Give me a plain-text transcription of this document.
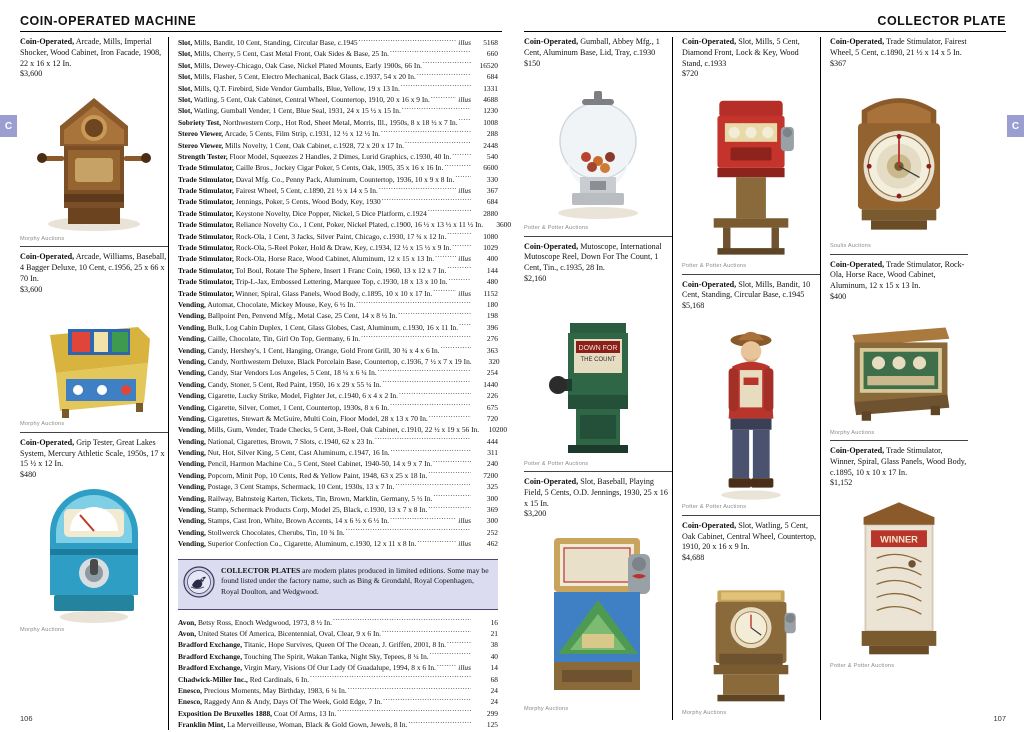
C
COIN-OPERATED MACHINE
Coin-Operated, Arcade, Mills, Imperial Shocker, Wood Cabinet, Iron Facade, 1908, 22 x 16 x 12 In.
$3,600
Morphy Auctions
Coin-Operated, Arcade, Williams, Baseball, 4 Bagger Deluxe, 10 Cent, c.1956, 25 x 66 x 70 In.
$3,600
Morphy Auctions
Coin-Operated, Grip Tester, Great Lakes System, Mercury Athletic Scale, 1950s, 17 x 15 ½ x 12 In.
$480
Morphy Auctions
Slot, Mills, Bandit, 10 Cent, Standing, Circular Base, c.1945 .....	illus	5168
Slot, Mills, Cherry, 5 Cent, Cast Metal Front, Oak Sides & Base, 25 In. .....	660
Slot, Mills, Dewey-Chicago, Oak Case, Nickel Plated Mounts, Early 1900s, 66 In. .....	16520
Slot, Mills, Flasher, 5 Cent, Electro Mechanical, Back Glass, c.1937, 54 x 20 In. .....	684
Slot, Mills, Q.T. Firebird, Side Vendor Gumballs, Blue, Yellow, 19 x 13 In. .....	1331
Slot, Watling, 5 Cent, Oak Cabinet, Central Wheel, Countertop, 1910, 20 x 16 x 9 In. .....	illus	4688
Slot, Watling, Gumball Vender, 1 Cent, Blue Seal, 1931, 24 x 15 ½ x 15 In. .....	1230
Sobriety Test, Northwestern Corp., Hot Rod, Sheet Metal, Morris, Ill., 1950s, 8 x 18 ½ x 7 In. .....	1008
Stereo Viewer, Arcade, 5 Cents, Film Strip, c.1931, 12 ½ x 12 ½ In. .....	288
Stereo Viewer, Mills Novelty, 1 Cent, Oak Cabinet, c.1928, 72 x 20 x 17 In. .....	2448
Strength Tester, Floor Model, Squeezes 2 Handles, 2 Dimes, Lurid Graphics, c.1930, 40 In. .....	540
Trade Stimulator, Caille Bros., Jockey Cigar Poker, 5 Cents, Oak, 1905, 35 x 16 x 16 In. .....	6600
Trade Stimulator, Daval Mfg. Co., Penny Pack, Aluminum, Countertop, 1936, 10 x 9 x 8 In. .....	330
Trade Stimulator, Fairest Wheel, 5 Cent, c.1890, 21 ½ x 14 x 5 In. .....	illus	367
Trade Stimulator, Jennings, Poker, 5 Cents, Wood Body, Key, 1930 .....	684
Trade Stimulator, Keystone Novelty, Dice Popper, Nickel, 5 Dice Platform, c.1924 .....	2880
Trade Stimulator, Reliance Novelty Co., 1 Cent, Poker, Nickel Plated, c.1900, 16 ½ x 13 ½ x 11 ½ In.	3600
Trade Stimulator, Rock-Ola, 1 Cent, 3 Jacks, Silver Paint, Chicago, c.1930, 17 ¾ x 12 In. .....	1080
Trade Stimulator, Rock-Ola, 5-Reel Poker, Hold & Draw, Key, c.1934, 12 ½ x 15 ½ x 9 In. .....	1029
Trade Stimulator, Rock-Ola, Horse Race, Wood Cabinet, Aluminum, 12 x 15 x 13 In. .....	illus	400
Trade Stimulator, Tol Boul, Rotate The Sphere, Insert 1 Franc Coin, 1960, 13 x 12 x 7 In. .....	144
Trade Stimulator, Trip-L-Jax, Embossed Lettering, Marquee Top, c.1930, 18 x 13 x 10 In. .....	480
Trade Stimulator, Winner, Spiral, Glass Panels, Wood Body, c.1895, 10 x 10 x 17 In. .....	illus	1152
Vending, Automat, Chocolate, Mickey Mouse, Key, 6 ½ In. .....	180
Vending, Ballpoint Pen, Penvend Mfg., Metal Case, 25 Cent, 14 x 8 ½ In. .....	198
Vending, Bulk, Log Cabin Duplex, 1 Cent, Glass Globes, Cast, Aluminum, c.1930, 16 x 11 In. .....	396
Vending, Caille, Chocolate, Tin, Girl On Top, Germany, 6 In. .....	276
Vending, Candy, Hershey's, 1 Cent, Hanging, Orange, Gold Front Grill, 30 ¾ x 4 x 6 In. .....	363
Vending, Candy, Northwestern Deluxe, Black Porcelain Base, Countertop, c.1936, 7 ½ x 7 x 19 In.	320
Vending, Candy, Star Vendors Los Angeles, 5 Cent, 18 ¼ x 6 ¼ In. .....	254
Vending, Candy, Stoner, 5 Cent, Red Paint, 1950, 16 x 29 x 55 ¼ In. .....	1440
Vending, Cigarette, Lucky Strike, Model, Fighter Jet, c.1940, 6 x 4 x 2 In. .....	226
Vending, Cigarette, Silver, Comet, 1 Cent, Countertop, 1930s, 8 x 6 In. .....	675
Vending, Cigarettes, Stewart & McGuire, Multi Coin, Floor Model, 28 x 13 x 70 In. .....	720
Vending, Mills, Gum, Vender, Trade Checks, 5 Cent, 3-Reel, Oak Cabinet, c.1910, 22 ½ x 19 x 56 In.	10200
Vending, National, Cigarettes, Brown, 7 Slots, c.1940, 62 x 23 In. .....	444
Vending, Nut, Hot, Silver King, 5 Cent, Cast Aluminum, c.1947, 16 In. .....	311
Vending, Pencil, Harmon Machine Co., 5 Cent, Steel Cabinet, 1940-50, 14 x 9 x 7 In. .....	240
Vending, Popcorn, Minit Pop, 10 Cents, Red & Yellow Paint, 1948, 63 x 25 x 18 In. .....	7200
Vending, Postage, 3 Cent Stamps, Schermack, 10 Cent, 1930s, 13 x 7 In. .....	325
Vending, Railway, Bahnsteig Karten, Tickets, Tin, Brown, Marklin, Germany, 5 ½ In. .....	300
Vending, Stamp, Schermack Products Corp, Model 25, Black, c.1930, 13 x 7 x 8 In. .....	369
Vending, Stamps, Cast Iron, White, Brown Accents, 14 x 6 ½ x 6 ½ In. .....	illus	300
Vending, Stollwerck Chocolates, Cherubs, Tin, 10 ¾ In. .....	252
Vending, Superior Confection Co., Cigarette, Aluminum, c.1930, 12 x 11 x 8 In. .....	illus	462
COLLECTOR PLATES are modern plates produced in limited editions. Some may be found listed under the factory name, such as Bing & Grondahl, Royal Copenhagen, Royal Doulton, and Wedgwood.
Avon, Betsy Ross, Enoch Wedgwood, 1973, 8 ½ In. .....	16
Avon, United States Of America, Bicentennial, Oval, Clear, 9 x 6 In. .....	21
Bradford Exchange, Titanic, Hope Survives, Queen Of The Ocean, J. Griffen, 2001, 8 In. .....	38
Bradford Exchange, Touching The Spirit, Wakan Tanka, Night Sky, Tepees, 8 ¼ In. .....	40
Bradford Exchange, Virgin Mary, Visions Of Our Lady Of Guadalupe, 1994, 8 x 6 In. .....	illus	14
Chadwick-Miller Inc., Red Cardinals, 6 In. .....	68
Enesco, Precious Moments, May Birthday, 1983, 6 ¼ In. .....	24
Enesco, Raggedy Ann & Andy, Days Of The Week, Gold Edge, 7 In. .....	24
Exposition De Bruxelles 1888, Coat Of Arms, 13 In. .....	299
Franklin Mint, La Merveilleuse, Woman, Black & Gold Gown, Jewels, 8 In. .....	125
106
C
COLLECTOR PLATE
Coin-Operated, Gumball, Abbey Mfg., 1 Cent, Aluminum Base, Lid, Tray, c.1930
$150
Potter & Potter Auctions
Coin-Operated, Mutoscope, International Mutoscope Reel, Down For The Count, 1 Cent, Tin., c.1935, 28 In.
$2,160
DOWN FOR
THE COUNT
Potter & Potter Auctions
Coin-Operated, Slot, Baseball, Playing Field, 5 Cents, O.D. Jennings, 1930, 25 x 16 x 15 In.
$3,200
Morphy Auctions
Coin-Operated, Slot, Mills, 5 Cent, Diamond Front, Lock & Key, Wood Stand, c.1933
$720
Potter & Potter Auctions
Coin-Operated, Slot, Mills, Bandit, 10 Cent, Standing, Circular Base, c.1945
$5,168
Potter & Potter Auctions
Coin-Operated, Slot, Watling, 5 Cent, Oak Cabinet, Central Wheel, Countertop, 1910, 20 x 16 x 9 In.
$4,688
Morphy Auctions
Coin-Operated, Trade Stimulator, Fairest Wheel, 5 Cent, c.1890, 21 ½ x 14 x 5 In.
$367
Soulis Auctions
Coin-Operated, Trade Stimulator, Rock-Ola, Horse Race, Wood Cabinet, Aluminum, 12 x 15 x 13 In.
$400
Morphy Auctions
Coin-Operated, Trade Stimulator, Winner, Spiral, Glass Panels, Wood Body, c.1895, 10 x 10 x 17 In.
$1,152
WINNER
Potter & Potter Auctions
107
